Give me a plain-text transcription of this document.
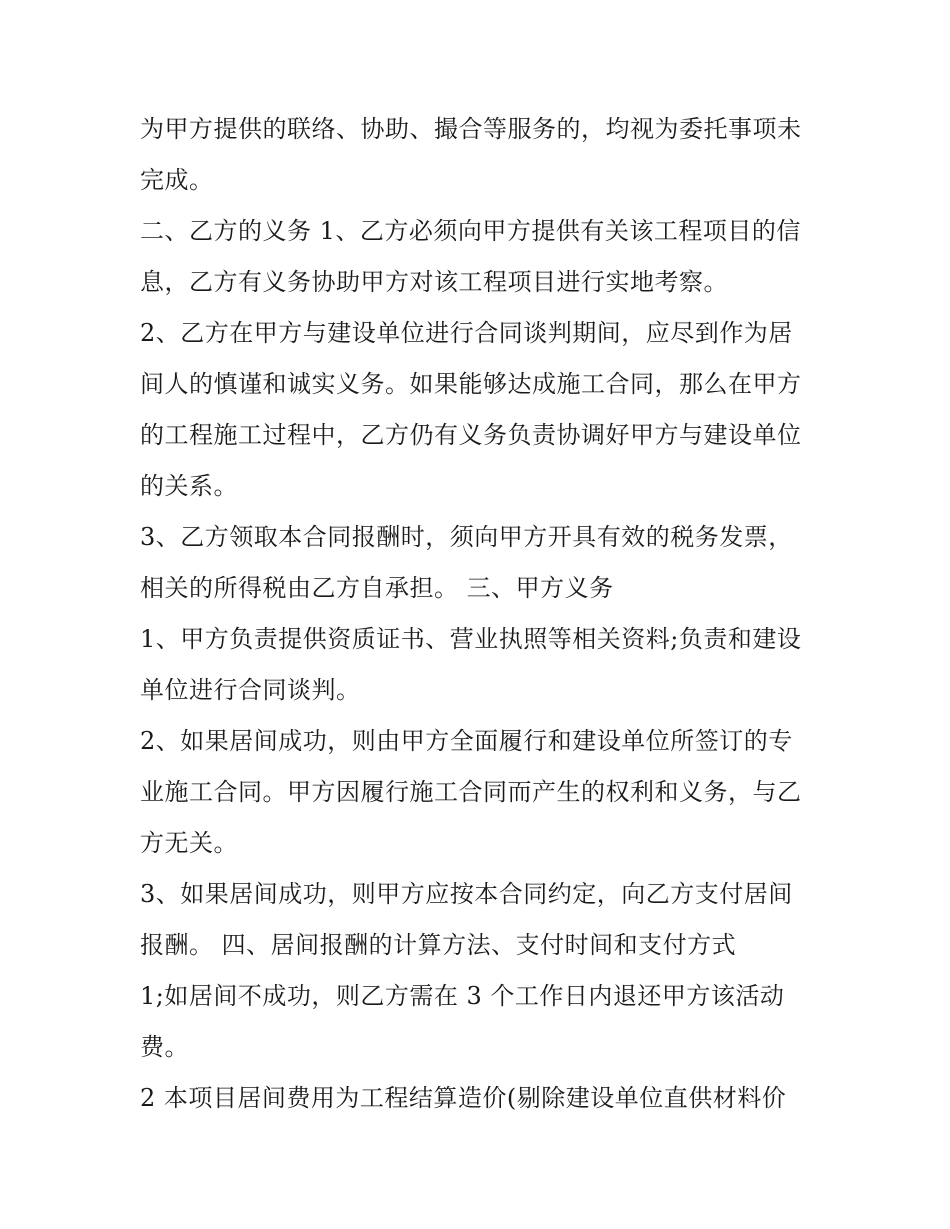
为甲方提供的联络、协助、撮合等服务的，均视为委托事项未
完成。
二、乙方的义务 1、乙方必须向甲方提供有关该工程项目的信
息，乙方有义务协助甲方对该工程项目进行实地考察。
2、乙方在甲方与建设单位进行合同谈判期间，应尽到作为居
间人的慎谨和诚实义务。如果能够达成施工合同，那么在甲方
的工程施工过程中，乙方仍有义务负责协调好甲方与建设单位
的关系。
3、乙方领取本合同报酬时，须向甲方开具有效的税务发票，
相关的所得税由乙方自承担。 三、甲方义务
1、甲方负责提供资质证书、营业执照等相关资料;负责和建设
单位进行合同谈判。
2、如果居间成功，则由甲方全面履行和建设单位所签订的专
业施工合同。甲方因履行施工合同而产生的权利和义务，与乙
方无关。
3、如果居间成功，则甲方应按本合同约定，向乙方支付居间
报酬。 四、居间报酬的计算方法、支付时间和支付方式
1;如居间不成功，则乙方需在 3 个工作日内退还甲方该活动
费。
2 本项目居间费用为工程结算造价(剔除建设单位直供材料价
